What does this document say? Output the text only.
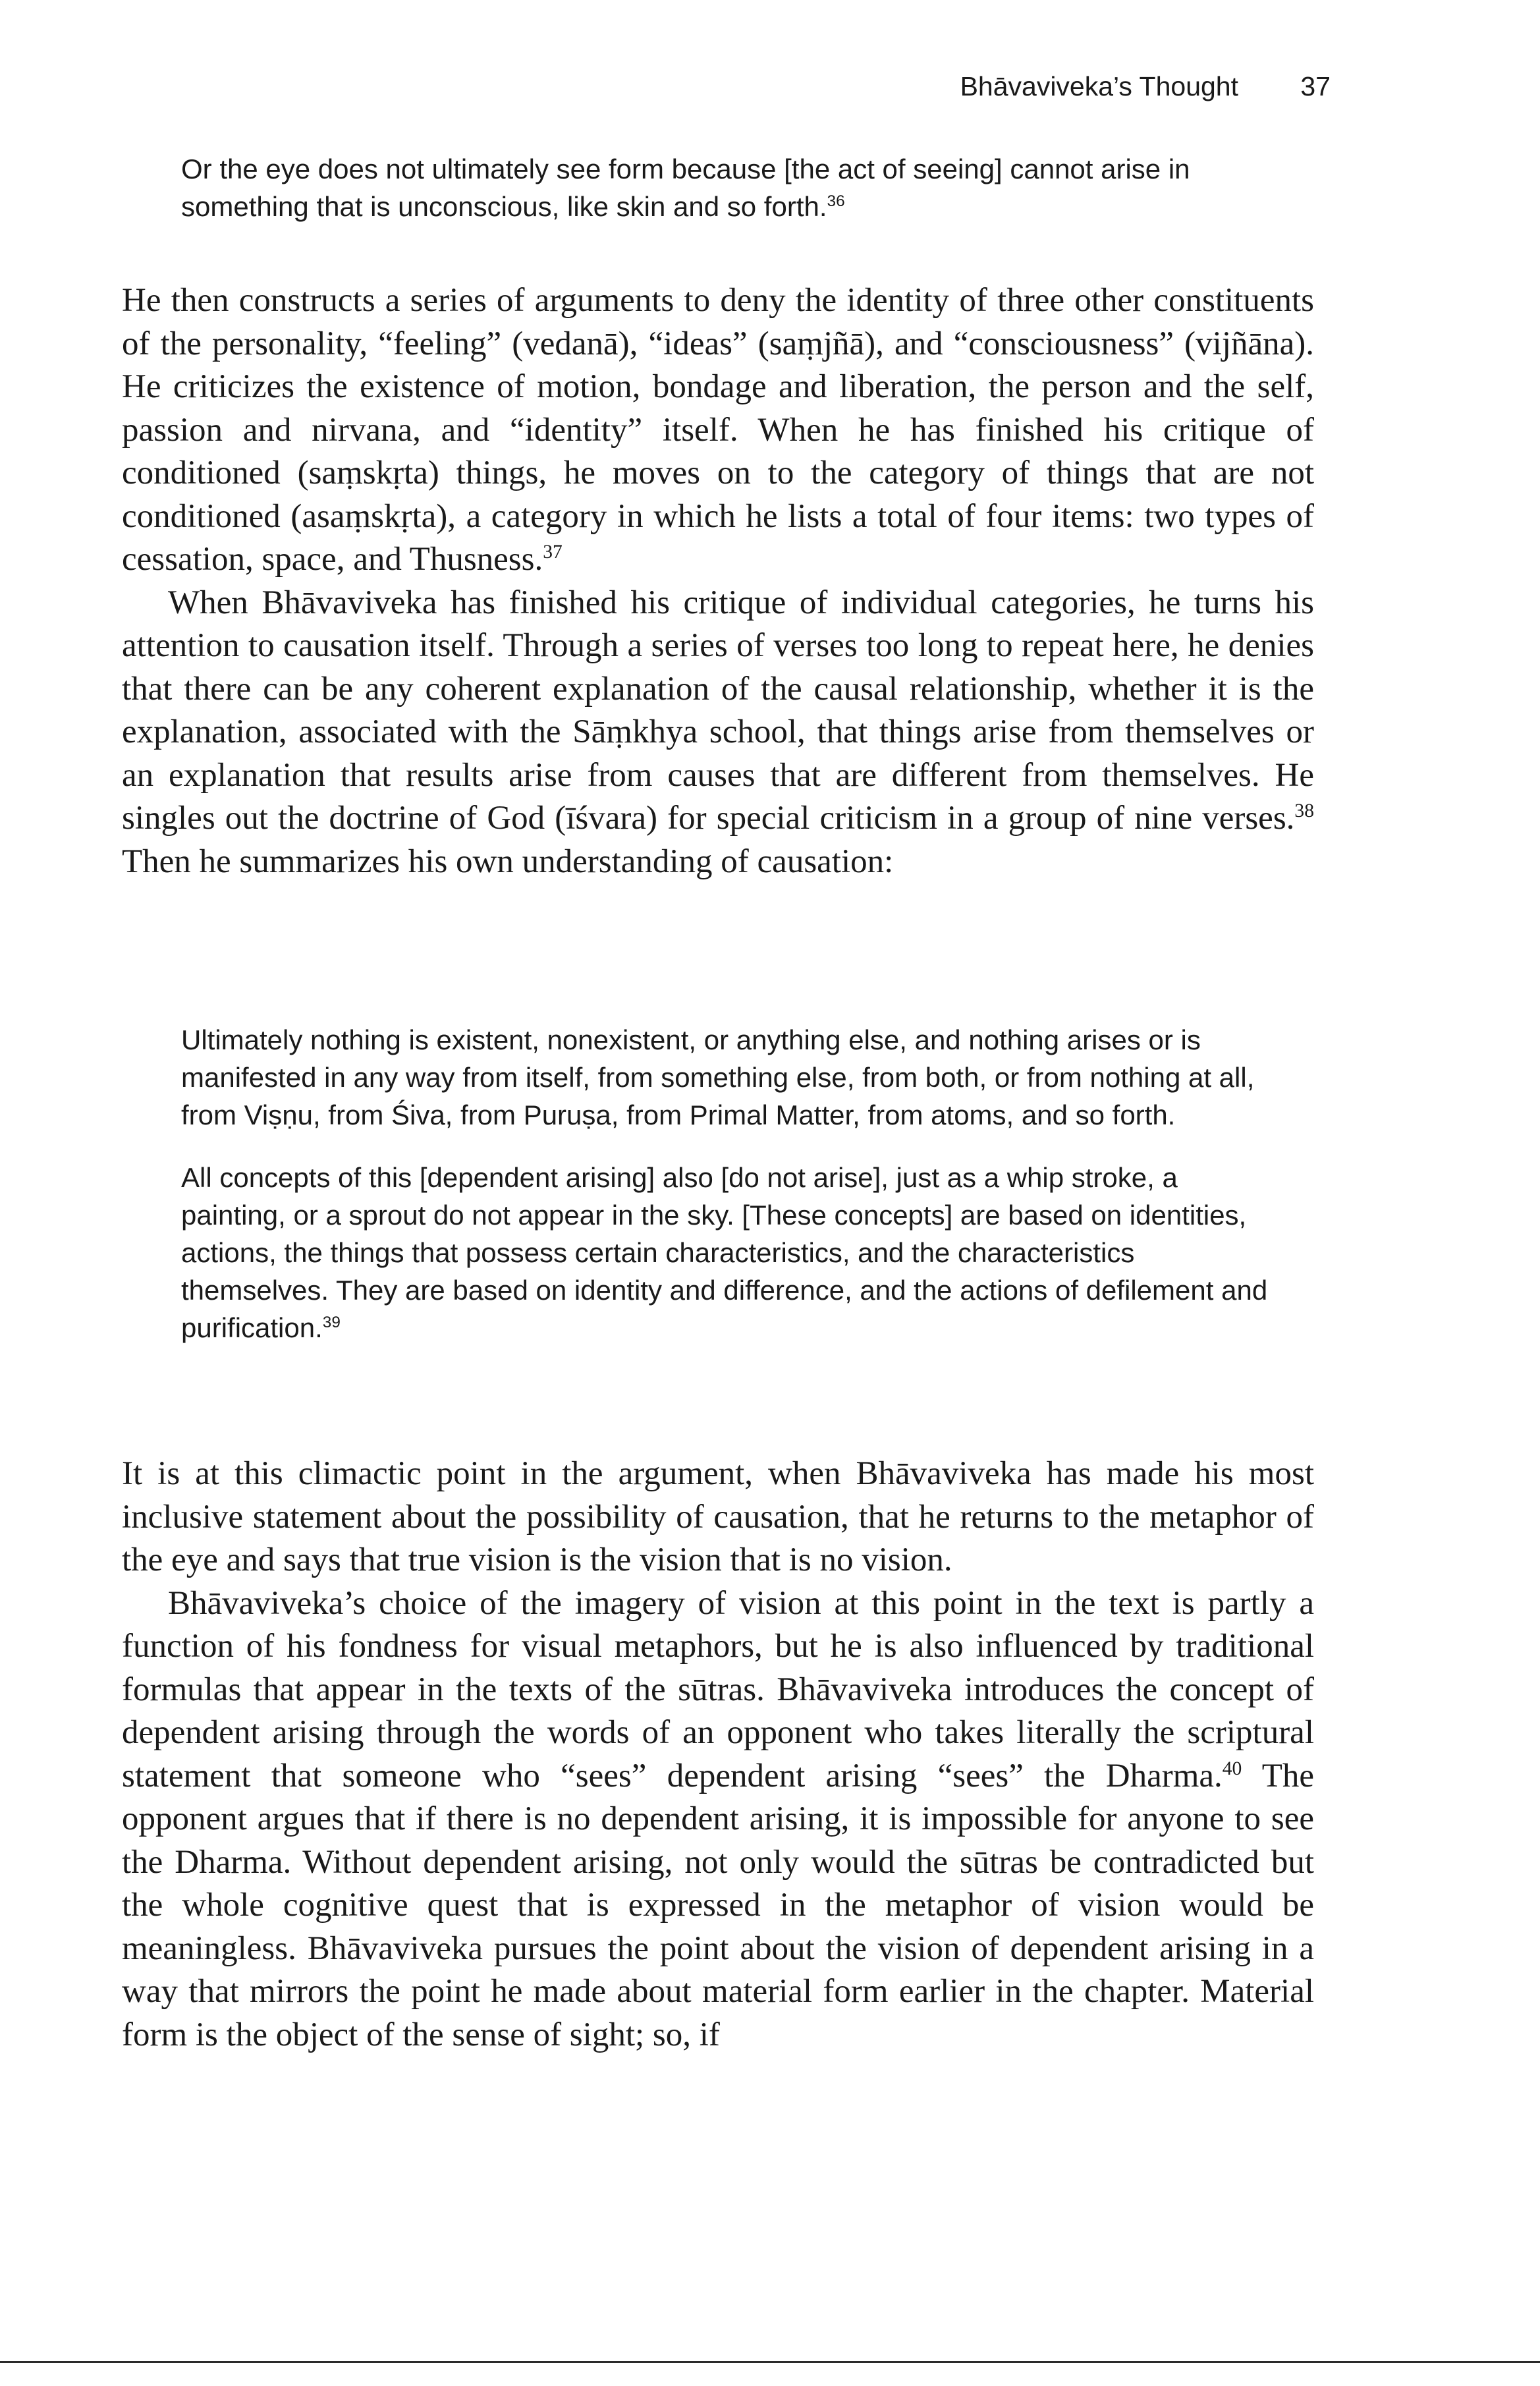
Bhāvaviveka’s Thought 37

Or the eye does not ultimately see form because [the act of seeing] cannot arise in something that is unconscious, like skin and so forth.$^{36}$

He then constructs a series of arguments to deny the identity of three other constituents of the personality, “feeling” (vedanā), “ideas” (saṃjñā), and “consciousness” (vijñāna). He criticizes the existence of motion, bondage and liberation, the person and the self, passion and nirvana, and “identity” itself. When he has finished his critique of conditioned (saṃskṛta) things, he moves on to the category of things that are not conditioned (asaṃskṛta), a category in which he lists a total of four items: two types of cessation, space, and Thusness.$^{37}$

When Bhāvaviveka has finished his critique of individual categories, he turns his attention to causation itself. Through a series of verses too long to repeat here, he denies that there can be any coherent explanation of the causal relationship, whether it is the explanation, associated with the Sāṃkhya school, that things arise from themselves or an explanation that results arise from causes that are different from themselves. He singles out the doctrine of God (īśvara) for special criticism in a group of nine verses.$^{38}$ Then he summarizes his own understanding of causation:

Ultimately nothing is existent, nonexistent, or anything else, and nothing arises or is manifested in any way from itself, from something else, from both, or from nothing at all, from Viṣṇu, from Śiva, from Puruṣa, from Primal Matter, from atoms, and so forth.

All concepts of this [dependent arising] also [do not arise], just as a whip stroke, a painting, or a sprout do not appear in the sky. [These concepts] are based on identities, actions, the things that possess certain characteristics, and the characteristics themselves. They are based on identity and difference, and the actions of defilement and purification.$^{39}$

It is at this climactic point in the argument, when Bhāvaviveka has made his most inclusive statement about the possibility of causation, that he returns to the metaphor of the eye and says that true vision is the vision that is no vision.

Bhāvaviveka’s choice of the imagery of vision at this point in the text is partly a function of his fondness for visual metaphors, but he is also influenced by traditional formulas that appear in the texts of the sūtras. Bhāvaviveka introduces the concept of dependent arising through the words of an opponent who takes literally the scriptural statement that someone who “sees” dependent arising “sees” the Dharma.$^{40}$ The opponent argues that if there is no dependent arising, it is impossible for anyone to see the Dharma. Without dependent arising, not only would the sūtras be contradicted but the whole cognitive quest that is expressed in the metaphor of vision would be meaningless. Bhāvaviveka pursues the point about the vision of dependent arising in a way that mirrors the point he made about material form earlier in the chapter. Material form is the object of the sense of sight; so, if
